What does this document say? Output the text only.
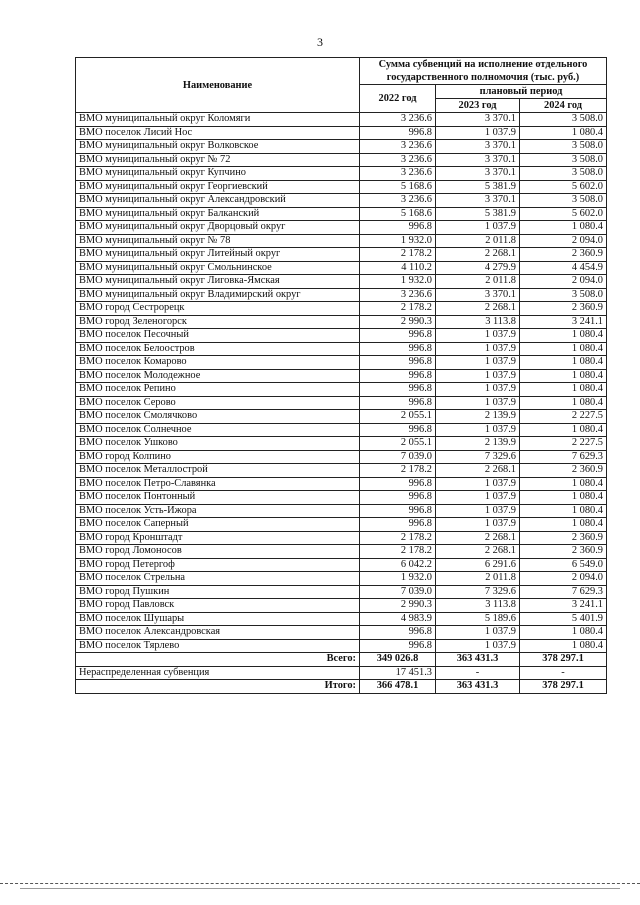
3
Наименование	Сумма субвенций на исполнение отдельного государственного полномочия (тыс. руб.)		
	2022 год	плановый период	
		2023 год	2024 год
ВМО муниципальный округ Коломяги	3 236.6	3 370.1	3 508.0
ВМО поселок Лисий Нос	996.8	1 037.9	1 080.4
ВМО муниципальный округ Волковское	3 236.6	3 370.1	3 508.0
ВМО муниципальный округ № 72	3 236.6	3 370.1	3 508.0
ВМО муниципальный округ Купчино	3 236.6	3 370.1	3 508.0
ВМО муниципальный округ Георгиевский	5 168.6	5 381.9	5 602.0
ВМО муниципальный округ Александровский	3 236.6	3 370.1	3 508.0
ВМО муниципальный округ Балканский	5 168.6	5 381.9	5 602.0
ВМО муниципальный округ Дворцовый округ	996.8	1 037.9	1 080.4
ВМО муниципальный округ № 78	1 932.0	2 011.8	2 094.0
ВМО муниципальный округ Литейный округ	2 178.2	2 268.1	2 360.9
ВМО муниципальный округ Смольнинское	4 110.2	4 279.9	4 454.9
ВМО муниципальный округ Лиговка-Ямская	1 932.0	2 011.8	2 094.0
ВМО муниципальный округ Владимирский округ	3 236.6	3 370.1	3 508.0
ВМО город Сестрорецк	2 178.2	2 268.1	2 360.9
ВМО город Зеленогорск	2 990.3	3 113.8	3 241.1
ВМО поселок Песочный	996.8	1 037.9	1 080.4
ВМО поселок Белоостров	996.8	1 037.9	1 080.4
ВМО поселок Комарово	996.8	1 037.9	1 080.4
ВМО поселок Молодежное	996.8	1 037.9	1 080.4
ВМО поселок Репино	996.8	1 037.9	1 080.4
ВМО поселок Серово	996.8	1 037.9	1 080.4
ВМО поселок Смолячково	2 055.1	2 139.9	2 227.5
ВМО поселок Солнечное	996.8	1 037.9	1 080.4
ВМО поселок Ушково	2 055.1	2 139.9	2 227.5
ВМО город Колпино	7 039.0	7 329.6	7 629.3
ВМО поселок Металлострой	2 178.2	2 268.1	2 360.9
ВМО поселок Петро-Славянка	996.8	1 037.9	1 080.4
ВМО поселок Понтонный	996.8	1 037.9	1 080.4
ВМО поселок Усть-Ижора	996.8	1 037.9	1 080.4
ВМО поселок Саперный	996.8	1 037.9	1 080.4
ВМО город Кронштадт	2 178.2	2 268.1	2 360.9
ВМО город Ломоносов	2 178.2	2 268.1	2 360.9
ВМО город Петергоф	6 042.2	6 291.6	6 549.0
ВМО поселок Стрельна	1 932.0	2 011.8	2 094.0
ВМО город Пушкин	7 039.0	7 329.6	7 629.3
ВМО город Павловск	2 990.3	3 113.8	3 241.1
ВМО поселок Шушары	4 983.9	5 189.6	5 401.9
ВМО поселок Александровская	996.8	1 037.9	1 080.4
ВМО поселок Тярлево	996.8	1 037.9	1 080.4
Всего:	349 026.8	363 431.3	378 297.1
Нераспределенная субвенция	17 451.3	-	-
Итого:	366 478.1	363 431.3	378 297.1
